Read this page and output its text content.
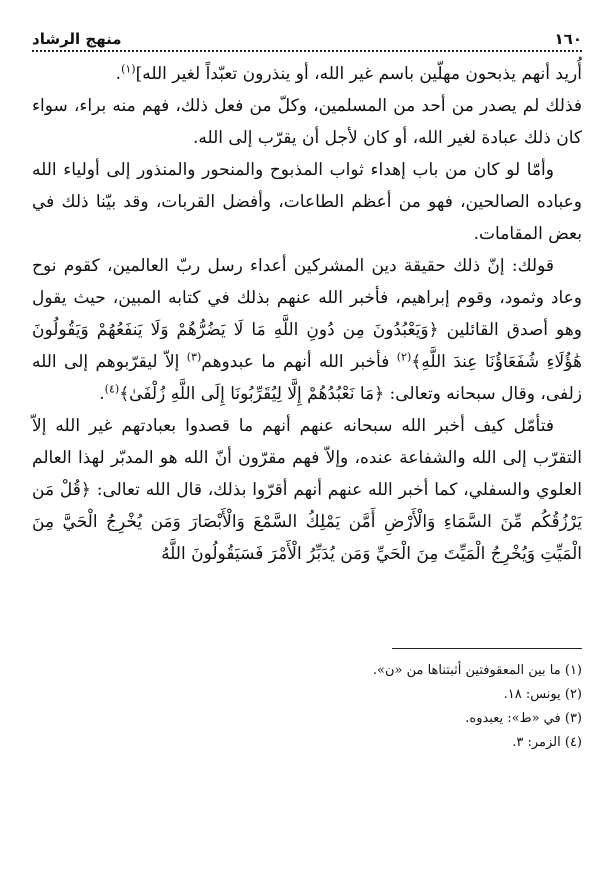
١٦٠
منهج الرشاد

أُريد أنهم يذبحون مهلّين باسم غير الله، أو ينذرون تعبّداً لغير الله]$^{(١)}$.

فذلك لم يصدر من أحد من المسلمين، وكلّ من فعل ذلك، فهم منه براء، سواء كان ذلك عبادة لغير الله، أو كان لأجل أن يقرّب إلى الله.

وأمّا لو كان من باب إهداء ثواب المذبوح والمنحور والمنذور إلى أولياء الله وعباده الصالحين، فهو من أعظم الطاعات، وأفضل القربات، وقد بيّنا ذلك في بعض المقامات.

قولك: إنّ ذلك حقيقة دين المشركين أعداء رسل ربّ العالمين، كقوم نوح وعاد وثمود، وقوم إبراهيم، فأخبر الله عنهم بذلك في كتابه المبين، حيث يقول وهو أصدق القائلين ﴿وَيَعْبُدُونَ مِن دُونِ اللَّهِ مَا لَا يَضُرُّهُمْ وَلَا يَنفَعُهُمْ وَيَقُولُونَ هَٰؤُلَاءِ شُفَعَاؤُنَا عِندَ اللَّهِ﴾$^{(٢)}$ فأخبر الله أنهم ما عبدوهم$^{(٣)}$ إلاّ ليقرّبوهم إلى الله زلفى، وقال سبحانه وتعالى: ﴿مَا نَعْبُدُهُمْ إِلَّا لِيُقَرِّبُونَا إِلَى اللَّهِ زُلْفَىٰ﴾$^{(٤)}$.

فتأمّل كيف أخبر الله سبحانه عنهم أنهم ما قصدوا بعبادتهم غير الله إلاّ التقرّب إلى الله والشفاعة عنده، وإلاّ فهم مقرّون أنّ الله هو المدبّر لهذا العالم العلوي والسفلي، كما أخبر الله عنهم أنهم أقرّوا بذلك، قال الله تعالى: ﴿قُلْ مَن يَرْزُقُكُم مِّنَ السَّمَاءِ وَالْأَرْضِ أَمَّن يَمْلِكُ السَّمْعَ وَالْأَبْصَارَ وَمَن يُخْرِجُ الْحَيَّ مِنَ الْمَيِّتِ وَيُخْرِجُ الْمَيِّتَ مِنَ الْحَيِّ وَمَن يُدَبِّرُ الْأَمْرَ فَسَيَقُولُونَ اللَّهُ

(١) ما بين المعقوفتين أثبتناها من «ن».
(٢) يونس: ١٨.
(٣) في «ط»: يعبدوه.
(٤) الزمر: ٣.
